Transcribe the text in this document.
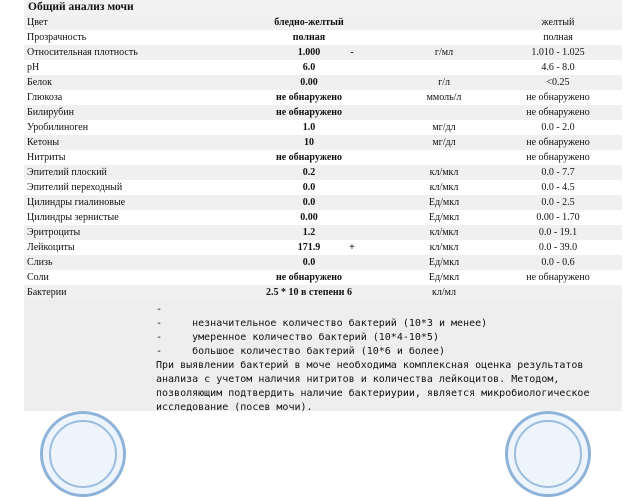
Общий анализ мочи
Цвет	бледно-желтый	желтый
Прозрачность	полная	полная
Относительная плотность	1.000	-	г/мл	1.010 - 1.025
pH	6.0	4.6 - 8.0
Белок	0.00	г/л	<0.25
Глюкоза	не обнаружено	ммоль/л	не обнаружено
Билирубин	не обнаружено	не обнаружено
Уробилиноген	1.0	мг/дл	0.0 - 2.0
Кетоны	10	мг/дл	не обнаружено
Нитриты	не обнаружено	не обнаружено
Эпителий плоский	0.2	кл/мкл	0.0 - 7.7
Эпителий переходный	0.0	кл/мкл	0.0 - 4.5
Цилиндры гиалиновые	0.0	Ед/мкл	0.0 - 2.5
Цилиндры зернистые	0.00	Ед/мкл	0.00 - 1.70
Эритроциты	1.2	кл/мкл	0.0 - 19.1
Лейкоциты	171.9	+	кл/мкл	0.0 - 39.0
Слизь	0.0	Ед/мкл	0.0 - 0.6
Соли	не обнаружено	Ед/мкл	не обнаружено
Бактерии	2.5 * 10 в степени 6	кл/мл
-
-     незначительное количество бактерий (10*3 и менее)
-     умеренное количество бактерий (10*4-10*5)
-     большое количество бактерий (10*6 и более)
При выявлении бактерий в моче необходима комплексная оценка результатов анализа с учетом наличия нитритов и количества лейкоцитов. Методом, позволяющим подтвердить наличие бактериурии, является микробиологическое исследование (посев мочи).
